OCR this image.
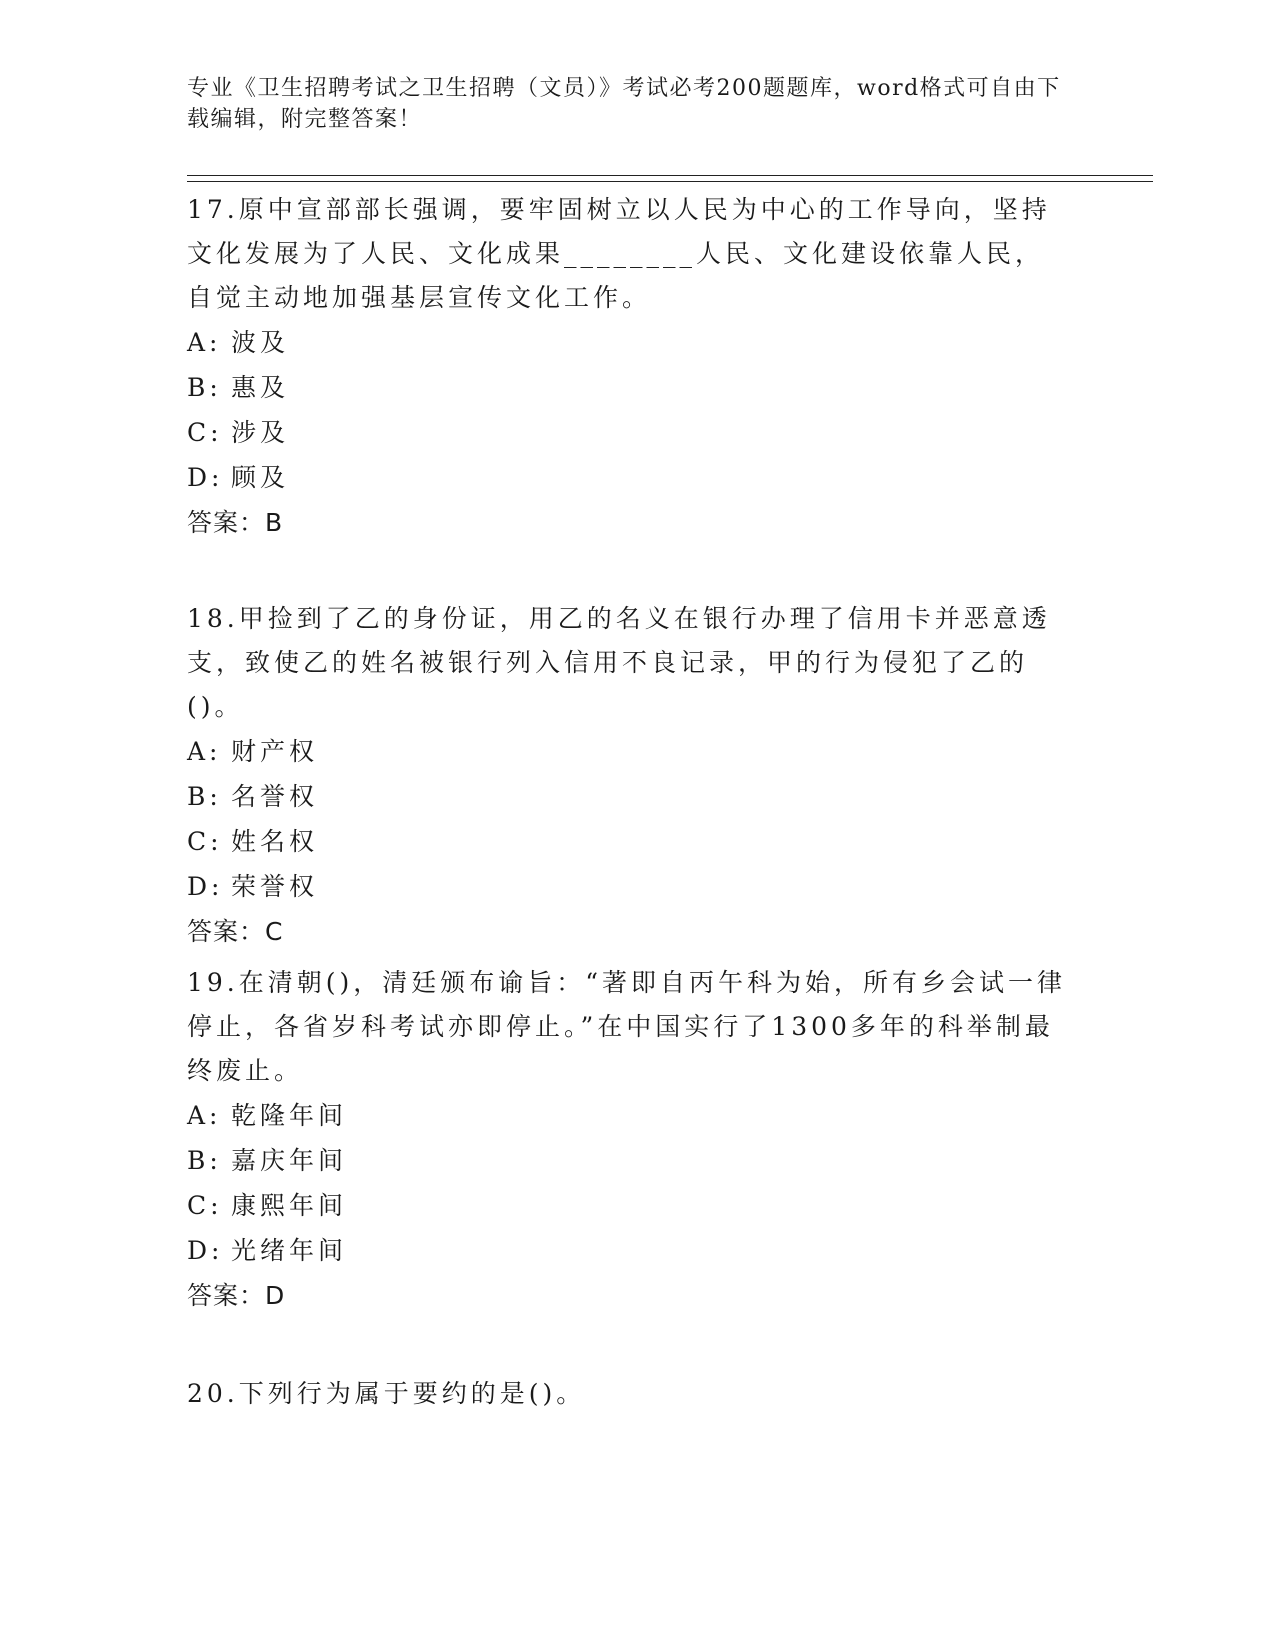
专业《卫生招聘考试之卫生招聘（文员）》考试必考200题题库，word格式可自由下载编辑，附完整答案！

17.原中宣部部长强调，要牢固树立以人民为中心的工作导向，坚持文化发展为了人民、文化成果________人民、文化建设依靠人民，自觉主动地加强基层宣传文化工作。

A: 波及

B: 惠及

C: 涉及

D: 顾及

答案：B

18.甲捡到了乙的身份证，用乙的名义在银行办理了信用卡并恶意透支，致使乙的姓名被银行列入信用不良记录，甲的行为侵犯了乙的()。

A: 财产权

B: 名誉权

C: 姓名权

D: 荣誉权

答案：C

19.在清朝()，清廷颁布谕旨：“著即自丙午科为始，所有乡会试一律停止，各省岁科考试亦即停止。”在中国实行了1300多年的科举制最终废止。

A: 乾隆年间

B: 嘉庆年间

C: 康熙年间

D: 光绪年间

答案：D

20.下列行为属于要约的是()。
